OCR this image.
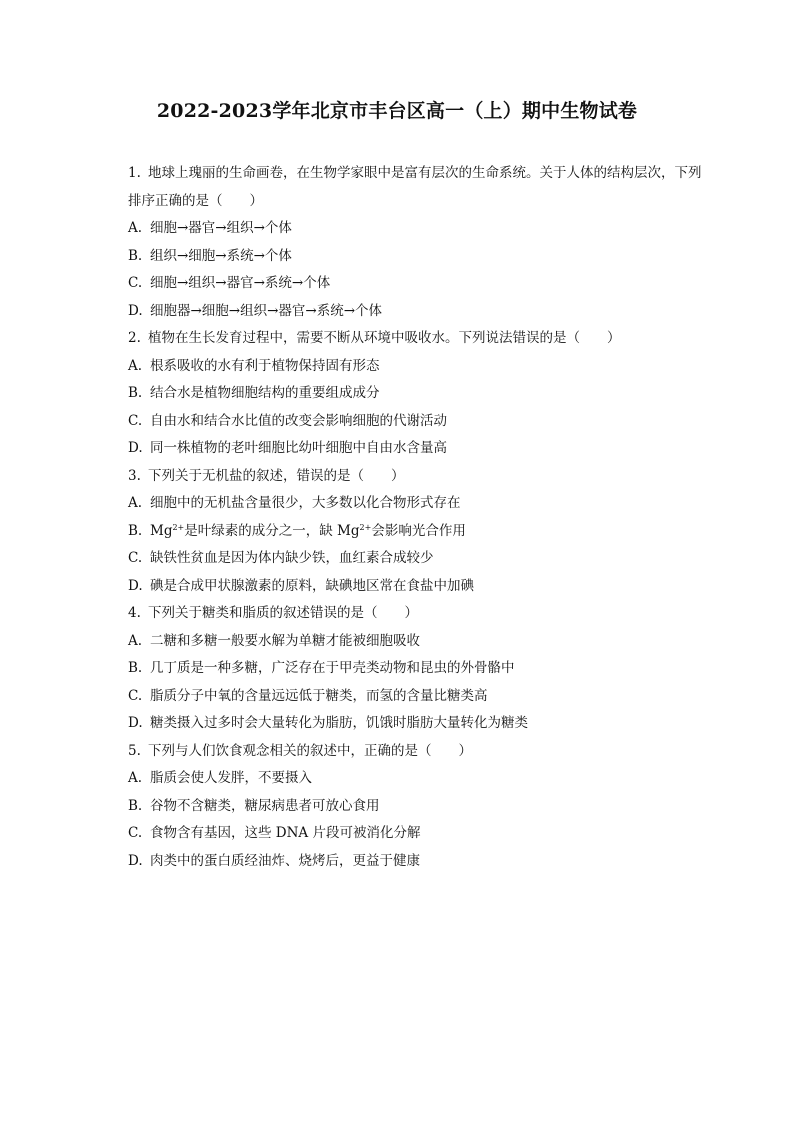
2022-2023学年北京市丰台区高一（上）期中生物试卷

1. 地球上瑰丽的生命画卷，在生物学家眼中是富有层次的生命系统。关于人体的结构层次，下列排序正确的是（　　）

A. 细胞→器官→组织→个体

B. 组织→细胞→系统→个体

C. 细胞→组织→器官→系统→个体

D. 细胞器→细胞→组织→器官→系统→个体

2. 植物在生长发育过程中，需要不断从环境中吸收水。下列说法错误的是（　　）

A. 根系吸收的水有利于植物保持固有形态

B. 结合水是植物细胞结构的重要组成成分

C. 自由水和结合水比值的改变会影响细胞的代谢活动

D. 同一株植物的老叶细胞比幼叶细胞中自由水含量高

3. 下列关于无机盐的叙述，错误的是（　　）

A. 细胞中的无机盐含量很少，大多数以化合物形式存在

B. $Mg^{2+}$是叶绿素的成分之一，缺 $Mg^{2+}$会影响光合作用

C. 缺铁性贫血是因为体内缺少铁，血红素合成较少

D. 碘是合成甲状腺激素的原料，缺碘地区常在食盐中加碘

4. 下列关于糖类和脂质的叙述错误的是（　　）

A. 二糖和多糖一般要水解为单糖才能被细胞吸收

B. 几丁质是一种多糖，广泛存在于甲壳类动物和昆虫的外骨骼中

C. 脂质分子中氧的含量远远低于糖类，而氢的含量比糖类高

D. 糖类摄入过多时会大量转化为脂肪，饥饿时脂肪大量转化为糖类

5. 下列与人们饮食观念相关的叙述中，正确的是（　　）

A. 脂质会使人发胖，不要摄入

B. 谷物不含糖类，糖尿病患者可放心食用

C. 食物含有基因，这些 DNA 片段可被消化分解

D. 肉类中的蛋白质经油炸、烧烤后，更益于健康
